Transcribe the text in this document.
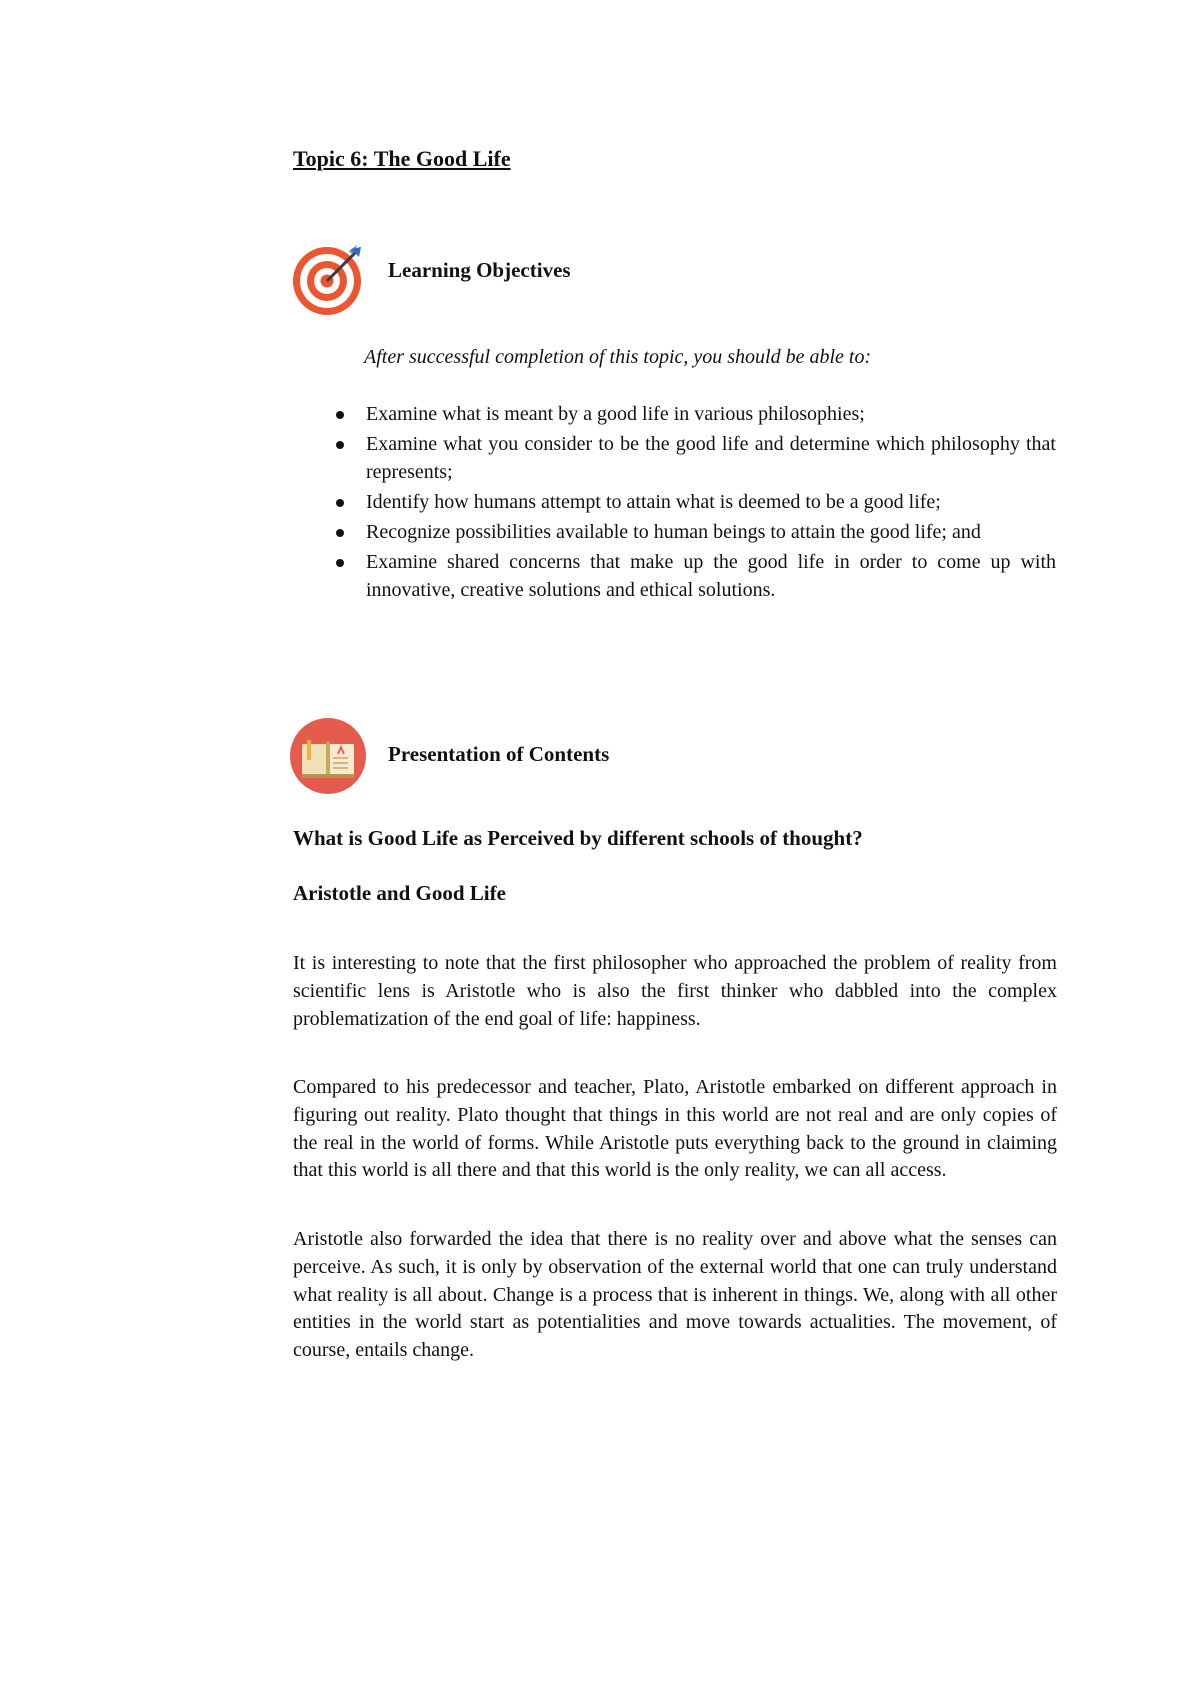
Topic 6: The Good Life
Learning Objectives

After successful completion of this topic, you should be able to:

Examine what is meant by a good life in various philosophies;
Examine what you consider to be the good life and determine which philosophy that represents;
Identify how humans attempt to attain what is deemed to be a good life;
Recognize possibilities available to human beings to attain the good life; and
Examine shared concerns that make up the good life in order to come up with innovative, creative solutions and ethical solutions.
Presentation of Contents
What is Good Life as Perceived by different schools of thought?
Aristotle and Good Life

It is interesting to note that the first philosopher who approached the problem of reality from scientific lens is Aristotle who is also the first thinker who dabbled into the complex problematization of the end goal of life: happiness.

Compared to his predecessor and teacher, Plato, Aristotle embarked on different approach in figuring out reality. Plato thought that things in this world are not real and are only copies of the real in the world of forms. While Aristotle puts everything back to the ground in claiming that this world is all there and that this world is the only reality, we can all access.

Aristotle also forwarded the idea that there is no reality over and above what the senses can perceive. As such, it is only by observation of the external world that one can truly understand what reality is all about. Change is a process that is inherent in things. We, along with all other entities in the world start as potentialities and move towards actualities. The movement, of course, entails change.
